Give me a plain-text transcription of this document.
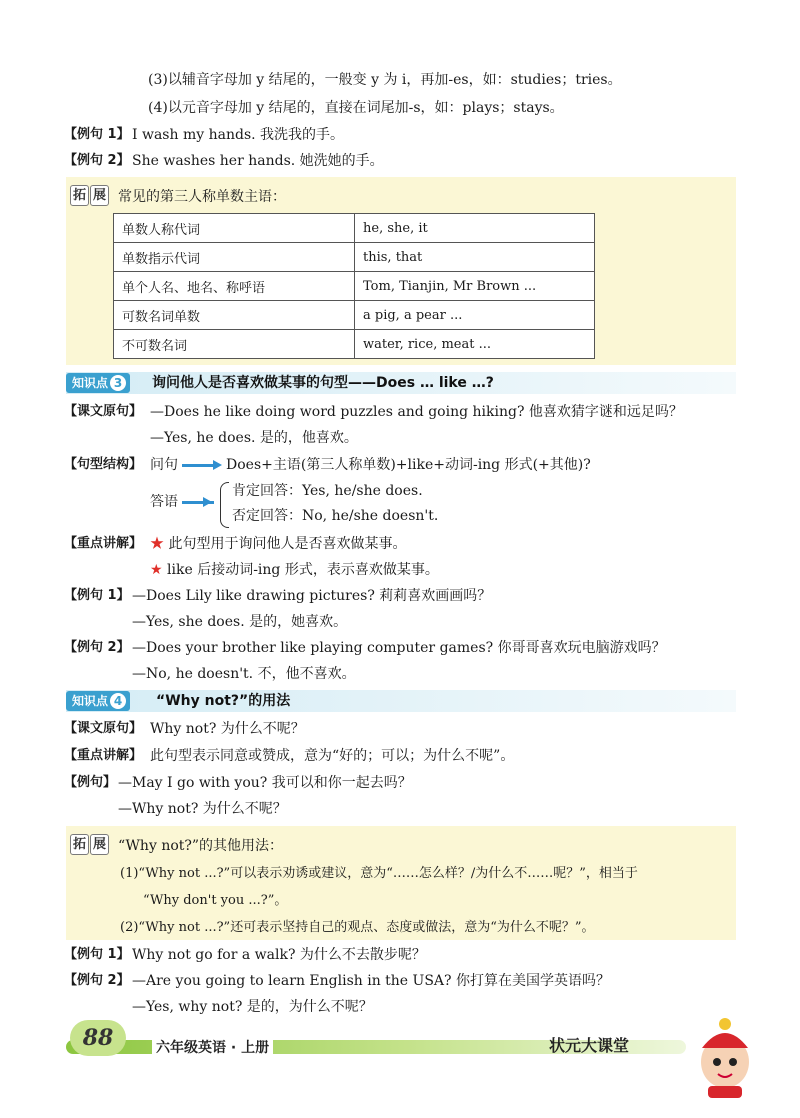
(3)以辅音字母加 y 结尾的，一般变 y 为 i，再加-es，如：studies；tries。
(4)以元音字母加 y 结尾的，直接在词尾加-s，如：plays；stays。
【例句 1】 I wash my hands. 我洗我的手。
【例句 2】 She washes her hands. 她洗她的手。
拓 展 常见的第三人称单数主语：
单数人称代词	he, she, it
单数指示代词	this, that
单个人名、地名、称呼语	Tom, Tianjin, Mr Brown ...
可数名词单数	a pig, a pear ...
不可数名词	water, rice, meat ...
知识点 3	询问他人是否喜欢做某事的句型——Does … like …?
【课文原句】 —Does he like doing word puzzles and going hiking? 他喜欢猜字谜和远足吗？
—Yes, he does. 是的，他喜欢。
【句型结构】 问句	Does+主语(第三人称单数)+like+动词-ing 形式(+其他)?
答语
肯定回答：Yes, he/she does.
否定回答：No, he/she doesn't.
【重点讲解】 ★ 此句型用于询问他人是否喜欢做某事。
★ like 后接动词-ing 形式，表示喜欢做某事。
【例句 1】 —Does Lily like drawing pictures? 莉莉喜欢画画吗？
—Yes, she does. 是的，她喜欢。
【例句 2】 —Does your brother like playing computer games? 你哥哥喜欢玩电脑游戏吗？
—No, he doesn't. 不，他不喜欢。
知识点 4	“Why not?”的用法
【课文原句】 Why not? 为什么不呢？
【重点讲解】 此句型表示同意或赞成，意为“好的；可以；为什么不呢”。
【例句】 —May I go with you? 我可以和你一起去吗？
—Why not? 为什么不呢？
拓 展 “Why not?”的其他用法：
(1)“Why not ...?”可以表示劝诱或建议，意为“……怎么样？/为什么不……呢？”，相当于
“Why don't you ...?”。
(2)“Why not ...?”还可表示坚持自己的观点、态度或做法，意为“为什么不呢？”。
【例句 1】 Why not go for a walk? 为什么不去散步呢？
【例句 2】 —Are you going to learn English in the USA? 你打算在美国学英语吗？
—Yes, why not? 是的，为什么不呢？
88	六年级英语 · 上册	状元大课堂
